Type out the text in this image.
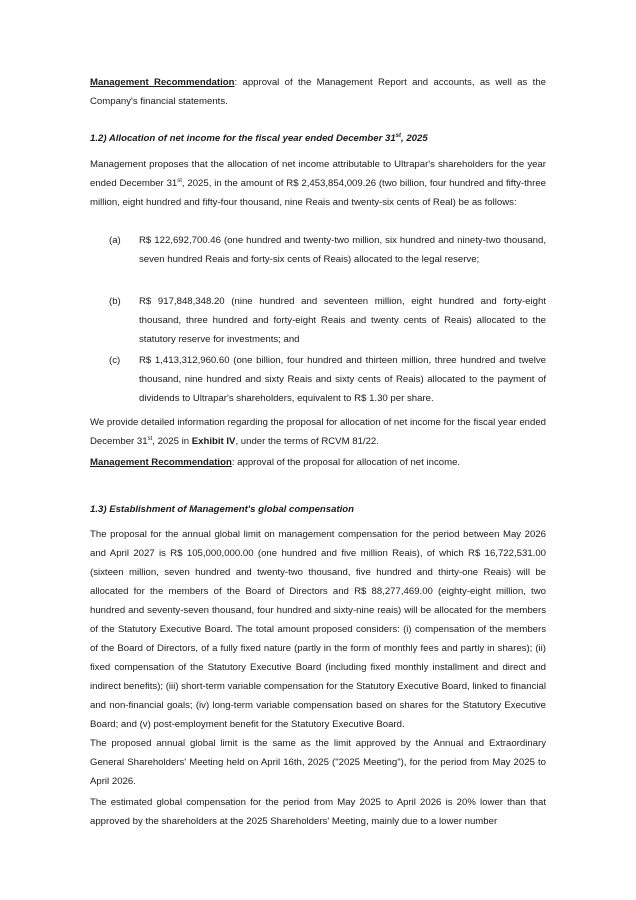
Management Recommendation: approval of the Management Report and accounts, as well as the Company's financial statements.

1.2) Allocation of net income for the fiscal year ended December 31st, 2025

Management proposes that the allocation of net income attributable to Ultrapar's shareholders for the year ended December 31st, 2025, in the amount of R$ 2,453,854,009.26 (two billion, four hundred and fifty-three million, eight hundred and fifty-four thousand, nine Reais and twenty-six cents of Real) be as follows:

(a)	R$ 122,692,700.46 (one hundred and twenty-two million, six hundred and ninety-two thousand, seven hundred Reais and forty-six cents of Reais) allocated to the legal reserve;
(b)	R$ 917,848,348.20 (nine hundred and seventeen million, eight hundred and forty-eight thousand, three hundred and forty-eight Reais and twenty cents of Reais) allocated to the statutory reserve for investments; and
(c)	R$ 1,413,312,960.60 (one billion, four hundred and thirteen million, three hundred and twelve thousand, nine hundred and sixty Reais and sixty cents of Reais) allocated to the payment of dividends to Ultrapar's shareholders, equivalent to R$ 1.30 per share.

We provide detailed information regarding the proposal for allocation of net income for the fiscal year ended December 31st, 2025 in Exhibit IV, under the terms of RCVM 81/22.

Management Recommendation: approval of the proposal for allocation of net income.

1.3) Establishment of Management's global compensation

The proposal for the annual global limit on management compensation for the period between May 2026 and April 2027 is R$ 105,000,000.00 (one hundred and five million Reais), of which R$ 16,722,531.00 (sixteen million, seven hundred and twenty-two thousand, five hundred and thirty-one Reais) will be allocated for the members of the Board of Directors and R$ 88,277,469.00 (eighty-eight million, two hundred and seventy-seven thousand, four hundred and sixty-nine reais) will be allocated for the members of the Statutory Executive Board. The total amount proposed considers: (i) compensation of the members of the Board of Directors, of a fully fixed nature (partly in the form of monthly fees and partly in shares); (ii) fixed compensation of the Statutory Executive Board (including fixed monthly installment and direct and indirect benefits); (iii) short-term variable compensation for the Statutory Executive Board, linked to financial and non-financial goals; (iv) long-term variable compensation based on shares for the Statutory Executive Board; and (v) post-employment benefit for the Statutory Executive Board.

The proposed annual global limit is the same as the limit approved by the Annual and Extraordinary General Shareholders' Meeting held on April 16th, 2025 ("2025 Meeting"), for the period from May 2025 to April 2026.

The estimated global compensation for the period from May 2025 to April 2026 is 20% lower than that approved by the shareholders at the 2025 Shareholders' Meeting, mainly due to a lower number
